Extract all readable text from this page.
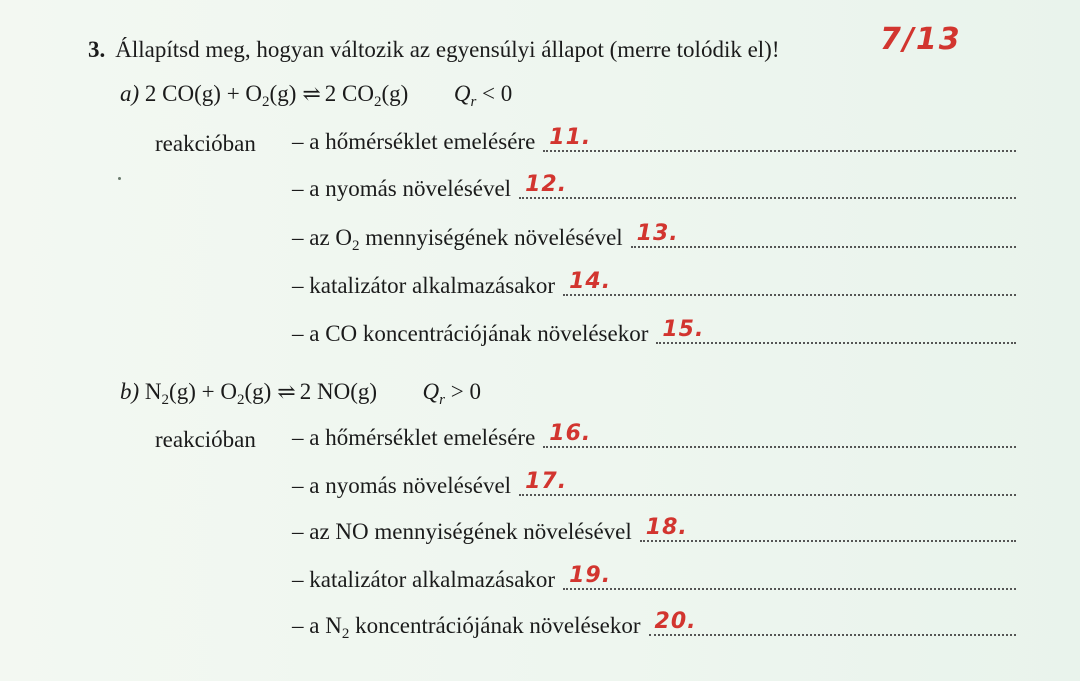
3. Állapítsd meg, hogyan változik az egyensúlyi állapot (merre tolódik el)!	7/13
a) 2 $CO(g) + O_2(g)$ ⇌ 2 $CO_2(g) Q_r < 0$
reakcióban – a hőmérséklet emelésére 11.
– a nyomás növelésével 12.
– az $O_2$ mennyiségének növelésével 13.
– katalizátor alkalmazásakor 14.
– a CO koncentrációjának növelésekor 15.
b) $N_2(g) + O_2(g)$ ⇌ 2 NO(g) $Q_r > 0$
reakcióban – a hőmérséklet emelésére 16.
– a nyomás növelésével 17.
– az NO mennyiségének növelésével 18.
– katalizátor alkalmazásakor 19.
– a $N_2$ koncentrációjának növelésekor 20.
